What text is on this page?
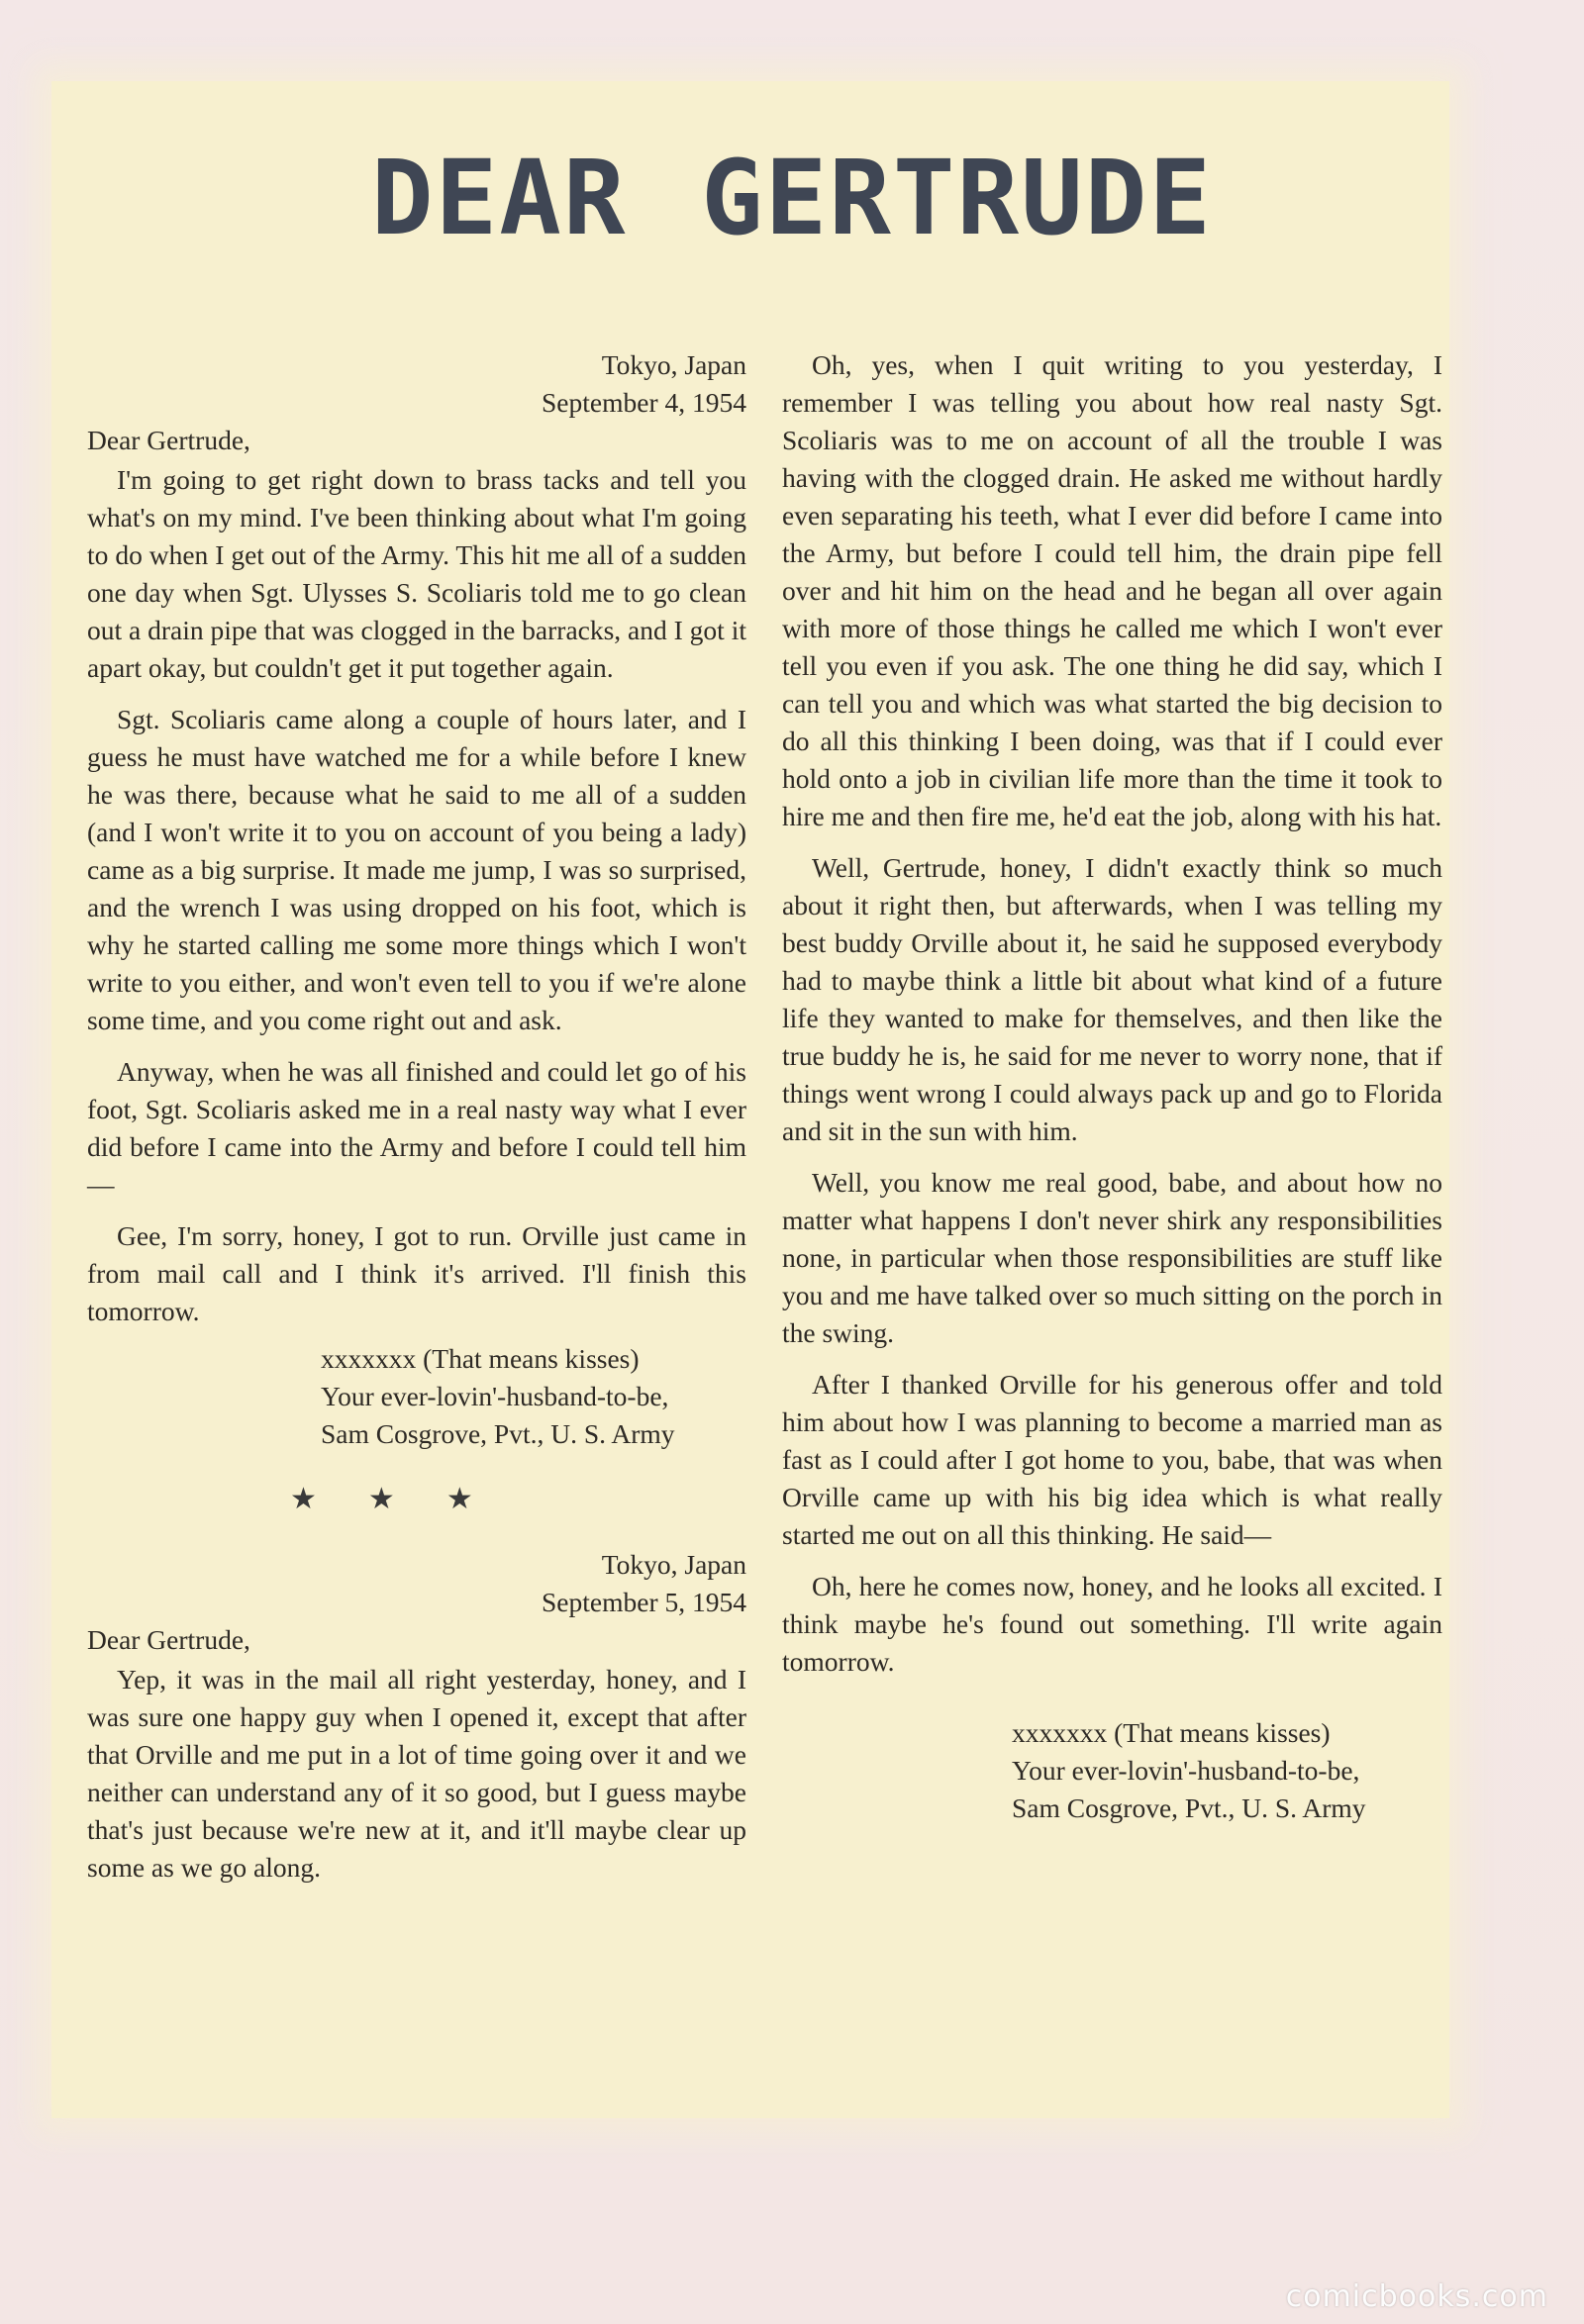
DEAR GERTRUDE
Tokyo, Japan
September 4, 1954

Dear Gertrude,

I'm going to get right down to brass tacks and tell you what's on my mind. I've been thinking about what I'm going to do when I get out of the Army. This hit me all of a sudden one day when Sgt. Ulysses S. Scoliaris told me to go clean out a drain pipe that was clogged in the barracks, and I got it apart okay, but couldn't get it put together again.

Sgt. Scoliaris came along a couple of hours later, and I guess he must have watched me for a while before I knew he was there, because what he said to me all of a sudden (and I won't write it to you on account of you being a lady) came as a big surprise. It made me jump, I was so surprised, and the wrench I was using dropped on his foot, which is why he started calling me some more things which I won't write to you either, and won't even tell to you if we're alone some time, and you come right out and ask.

Anyway, when he was all finished and could let go of his foot, Sgt. Scoliaris asked me in a real nasty way what I ever did before I came into the Army and before I could tell him—

Gee, I'm sorry, honey, I got to run. Orville just came in from mail call and I think it's arrived. I'll finish this tomorrow.

xxxxxxx (That means kisses)
Your ever-lovin'-husband-to-be,
Sam Cosgrove, Pvt., U. S. Army
★ ★ ★
Tokyo, Japan
September 5, 1954

Dear Gertrude,

Yep, it was in the mail all right yesterday, honey, and I was sure one happy guy when I opened it, except that after that Orville and me put in a lot of time going over it and we neither can understand any of it so good, but I guess maybe that's just because we're new at it, and it'll maybe clear up some as we go along.

Oh, yes, when I quit writing to you yesterday, I remember I was telling you about how real nasty Sgt. Scoliaris was to me on account of all the trouble I was having with the clogged drain. He asked me without hardly even separating his teeth, what I ever did before I came into the Army, but before I could tell him, the drain pipe fell over and hit him on the head and he began all over again with more of those things he called me which I won't ever tell you even if you ask. The one thing he did say, which I can tell you and which was what started the big decision to do all this thinking I been doing, was that if I could ever hold onto a job in civilian life more than the time it took to hire me and then fire me, he'd eat the job, along with his hat.

Well, Gertrude, honey, I didn't exactly think so much about it right then, but afterwards, when I was telling my best buddy Orville about it, he said he supposed everybody had to maybe think a little bit about what kind of a future life they wanted to make for themselves, and then like the true buddy he is, he said for me never to worry none, that if things went wrong I could always pack up and go to Florida and sit in the sun with him.

Well, you know me real good, babe, and about how no matter what happens I don't never shirk any responsibilities none, in particular when those responsibilities are stuff like you and me have talked over so much sitting on the porch in the swing.

After I thanked Orville for his generous offer and told him about how I was planning to become a married man as fast as I could after I got home to you, babe, that was when Orville came up with his big idea which is what really started me out on all this thinking. He said—

Oh, here he comes now, honey, and he looks all excited. I think maybe he's found out something. I'll write again tomorrow.

xxxxxxx (That means kisses)
Your ever-lovin'-husband-to-be,
Sam Cosgrove, Pvt., U. S. Army
comicbooks.com
